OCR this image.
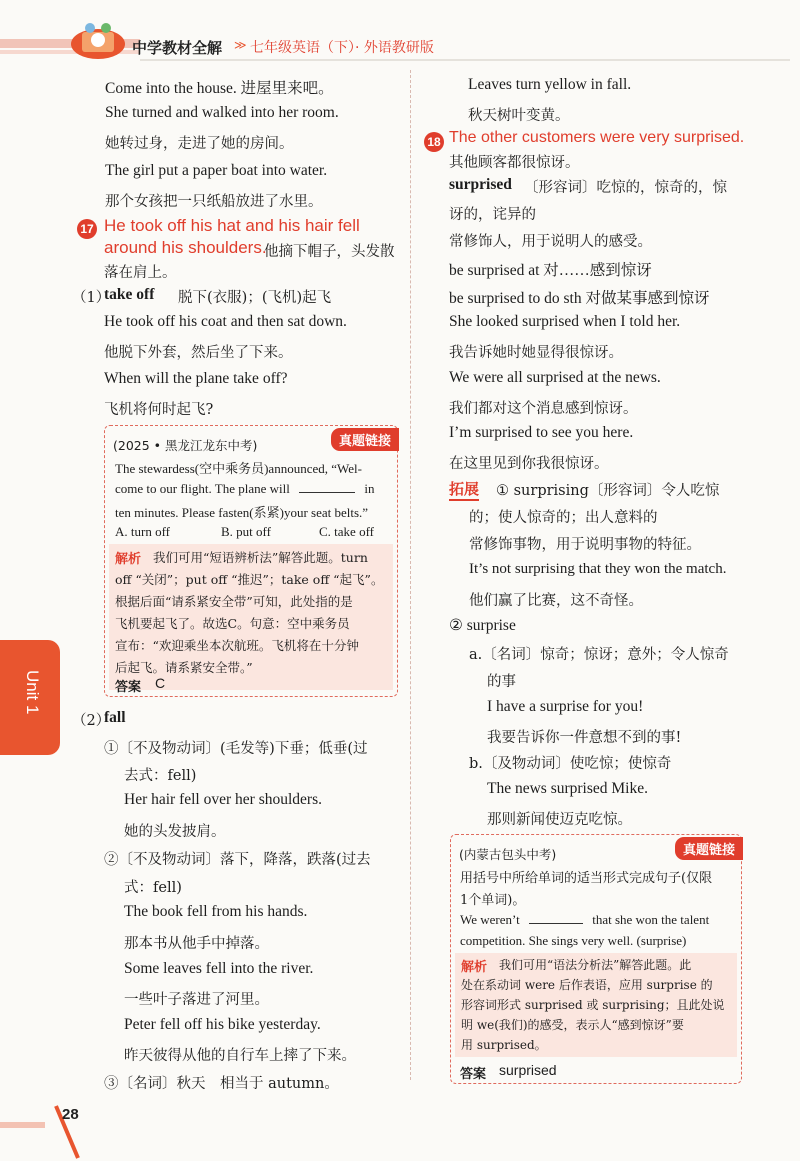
中学教材全解 ≫ 七年级英语（下）· 外语教研版
Unit 1
28
Come into the house. 进屋里来吧。
She turned and walked into her room.
她转过身，走进了她的房间。
The girl put a paper boat into water.
那个女孩把一只纸船放进了水里。
17 He took off his hat and his hair fell
around his shoulders.
他摘下帽子，头发散
落在肩上。
（1）
take off 脱下(衣服)；(飞机)起飞
He took off his coat and then sat down.
他脱下外套，然后坐了下来。
When will the plane take off?
飞机将何时起飞?
真题链接
(2025 • 黑龙江龙东中考)
The stewardess(空中乘务员)announced, “Wel-
come to our flight. The plane will	in
ten minutes. Please fasten(系紧)your seat belts.”
A. turn off	B. put off	C. take off
解析 我们可用“短语辨析法”解答此题。turn
off “关闭”；put off “推迟”；take off “起飞”。
根据后面“请系紧安全带”可知，此处指的是
飞机要起飞了。故选C。句意：空中乘务员
宣布：“欢迎乘坐本次航班。飞机将在十分钟
后起飞。请系紧安全带。”
答案 C
（2）
fall
①〔不及物动词〕(毛发等)下垂；低垂(过
去式：fell)
Her hair fell over her shoulders.
她的头发披肩。
②〔不及物动词〕落下，降落，跌落(过去
式：fell)
The book fell from his hands.
那本书从他手中掉落。
Some leaves fell into the river.
一些叶子落进了河里。
Peter fell off his bike yesterday.
昨天彼得从他的自行车上摔了下来。
③〔名词〕秋天　相当于 autumn。
Leaves turn yellow in fall.
秋天树叶变黄。
18 The other customers were very surprised.
其他顾客都很惊讶。
surprised 〔形容词〕吃惊的，惊奇的，惊
讶的，诧异的
常修饰人，用于说明人的感受。
be surprised at 对……感到惊讶
be surprised to do sth 对做某事感到惊讶
She looked surprised when I told her.
我告诉她时她显得很惊讶。
We were all surprised at the news.
我们都对这个消息感到惊讶。
I’m surprised to see you here.
在这里见到你我很惊讶。
拓展 ① surprising〔形容词〕令人吃惊
的；使人惊奇的；出人意料的
常修饰事物，用于说明事物的特征。
It’s not surprising that they won the match.
他们赢了比赛，这不奇怪。
② surprise
a.〔名词〕惊奇；惊讶；意外；令人惊奇
的事
I have a surprise for you!
我要告诉你一件意想不到的事!
b.〔及物动词〕使吃惊；使惊奇
The news surprised Mike.
那则新闻使迈克吃惊。
真题链接
(内蒙古包头中考)
用括号中所给单词的适当形式完成句子(仅限
1个单词)。
We weren’t	that she won the talent
competition. She sings very well. (surprise)
解析 我们可用“语法分析法”解答此题。此
处在系动词 were 后作表语，应用 surprise 的
形容词形式 surprised 或 surprising；且此处说
明 we(我们)的感受，表示人“感到惊讶”要
用 surprised。
答案 surprised
